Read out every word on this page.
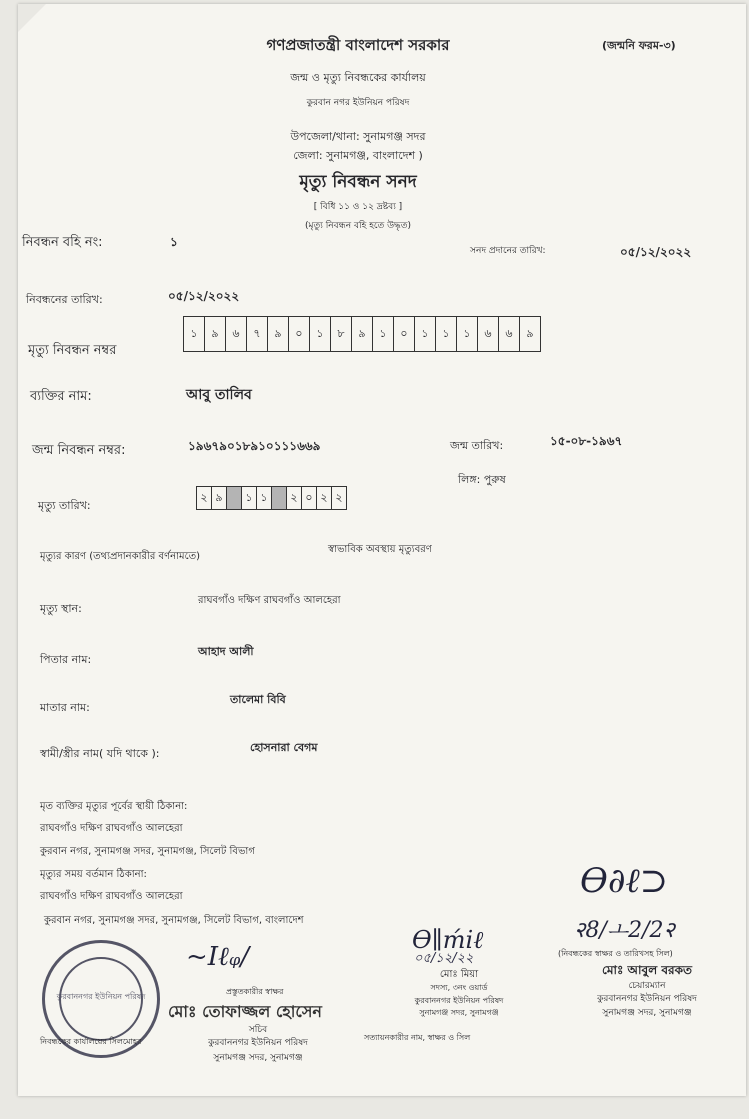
গণপ্রজাতন্ত্রী বাংলাদেশ সরকার	(জন্মনি ফরম-৩)
জন্ম ও মৃত্যু নিবন্ধকের কার্যালয়
কুরবান নগর ইউনিয়ন পরিষদ
উপজেলা/থানা: সুনামগঞ্জ সদর
জেলা: সুনামগঞ্জ, বাংলাদেশ )
মৃত্যু নিবন্ধন সনদ
[ বিধি ১১ ও ১২ দ্রষ্টব্য ]
(মৃত্যু নিবন্ধন বহি হতে উদ্ধৃত)
নিবন্ধন বহি নং:	১
সনদ প্রদানের তারিখ:	০৫/১২/২০২২
নিবন্ধনের তারিখ:	০৫/১২/২০২২
মৃত্যু নিবন্ধন নম্বর
১	৯	৬	৭	৯	০	১	৮	৯	১	০	১	১	১	৬	৬	৯
ব্যক্তির নাম:	আবু তালিব
জন্ম নিবন্ধন নম্বর:	১৯৬৭৯০১৮৯১০১১১৬৬৯	জন্ম তারিখ:	১৫-০৮-১৯৬৭
লিঙ্গ: পুরুষ
মৃত্যু তারিখ:
২ ৯	১ ১	২ ০ ২ ২
মৃত্যুর কারণ (তথ্যপ্রদানকারীর বর্ণনামতে)
স্বাভাবিক অবস্থায় মৃত্যুবরণ
মৃত্যু স্থান:
রাঘবগাঁও দক্ষিণ রাঘবগাঁও আলহেরা
পিতার নাম:
আহাদ আলী
মাতার নাম:
তালেমা বিবি
স্বামী/স্ত্রীর নাম( যদি থাকে ):	হোসনারা বেগম
মৃত ব্যক্তির মৃত্যুর পূর্বের স্থায়ী ঠিকানা:
রাঘবগাঁও দক্ষিণ রাঘবগাঁও আলহেরা
কুরবান নগর, সুনামগঞ্জ সদর, সুনামগঞ্জ, সিলেট বিভাগ
মৃত্যুর সময় বর্তমান ঠিকানা:
রাঘবগাঁও দক্ষিণ রাঘবগাঁও আলহেরা
কুরবান নগর, সুনামগঞ্জ সদর, সুনামগঞ্জ, সিলেট বিভাগ, বাংলাদেশ
কুরবাননগর ইউনিয়ন পরিষদ
~Iℓᵩ∕
প্রস্তুতকারীর স্বাক্ষর
মোঃ তোফাজ্জল হোসেন
সচিব
কুরবাননগর ইউনিয়ন পরিষদ
সুনামগঞ্জ সদর, সুনামগঞ্জ
নিবন্ধকের কার্যালয়ের সিলমোহর
Ѳ∥ḿiℓ
০৫/১২/২২
মোঃ মিয়া
সদস্য, ৩নং ওয়ার্ড
কুরবাননগর ইউনিয়ন পরিষদ
সুনামগঞ্জ সদর, সুনামগঞ্জ
সত্যায়নকারীর নাম, স্বাক্ষর ও সিল
Ѳ∂ℓ⊃
२8/ㅗ2/2२
(নিবন্ধকের স্বাক্ষর ও তারিখসহ সিল)
মোঃ আবুল বরকত
চেয়ারম্যান
কুরবাননগর ইউনিয়ন পরিষদ
সুনামগঞ্জ সদর, সুনামগঞ্জ
